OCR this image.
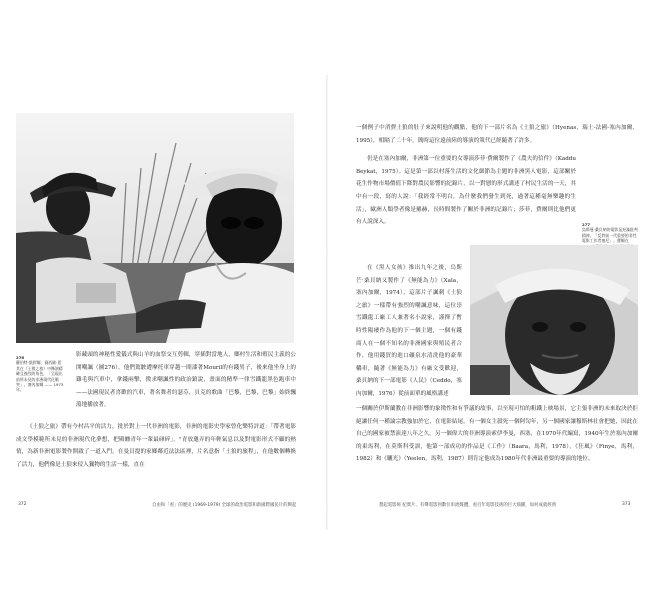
276
羅伯特·凱繆爾，賽西歐·恩其在《土狼之旅》中飾演精確且強烈的角色，「呈現出前所未見的非洲現代化衝突」。塞內加爾 —— 1973年。

影藏頭的神秘性愛儀式與山羊的血祭交互剪輯，穿插對當地人，鄉村生活和殖民主義的公開嘲諷（圖276）。他們駕駛遭摩托車穿越一間漆著Mouril的有錢男子，後來他坐身上的雞毛與汽車中，拿錢兩擊，徵求嘲諷性的政治鎮說，畫面的精準一律雪鐵龍黑色跑車中——法國現民者喜歡的汽車，著名舞者約瑟芬，貝克的歌曲「巴黎，巴黎，巴黎」始終飄蕩地播放著。

《土狼之旅》帶有今村昌平的活力，批於對上一代非洲的電影，非洲的電影史學家曾化樂特評道：「帶著電影成文學模範所未見的非洲現代化夢想，把殿纏青年一輩最碰碎」。"青放邀弄的年輕氣息以及對電影形式不顧的熱情，為新非洲電影製作開啟了一道入門，在曼貝提的家鄉鄰近法法區裡，片名意指「土狼的旅程」，在他數個轉換了活力，他們像是土狼來侵入獵物的生活一樣，直在

372	自由和「看」的歷史 (1969-1979) 全球的政治電影和新國際國民片的興起

一個例子中消費土狼的肚子來說明他的觀點，他的下一部片名為《土狼之旅》（Hyenas，瑞士-法國-塞內加爾，1995），相隔了二十年，簡時這位遠前陸的導演的策代已經隨著了許多。

仍是在塞內加爾，非洲第一位重要的女導演莎菲·費爾製作了《農夫的信件》（Kaddu Beykat，1975）。這是第一部以村落生活的文化細節為主題的非洲黑人電影，這部關於花生作物市場價值下降對農民影響的紀錄片，以一對戀的形式講述了村民生活的一天，其中有一段，寫的人說：「我經常不明白，為什麼我們發生到死，過著這種毫無樂趣的生活」，歐洲人類學者像是羅赫，長時間製作了關於非洲的記錄片；莎菲，費爾則比他們更有人說深入。	277
烏斯曼·桑貝納的電影是充滿批判精神，「反對前一代重要的非性電影工作者塞尼」。費爾在

在《黑人女孩》推出九年之後，烏斯芒·桑貝納又製作了《無能為力》（Xala，塞內加爾，1974），這部片子諷刺《土狼之旅》一樣帶有強烈的嘲諷意味，這位崇雪鐵龍工廠工人兼著名小說家，謹擇了暫時性陽痿作為他的下一個主題，一個有錢商人在一個不知名的非洲國家與殖民者合作，他用錢買的進口礦泉水清洗他的豪華轎車，隨著《無能為力》有廠文受歡迎，桑貝納的下一部電影《人民》（Ceddo，塞內加爾，1976）從前面單的風格講述

一個關於伊斯蘭教在非洲影響的象徵性和有爭議的故事，以至現可怕的粗鐵上映場景，它主張非洲的未來取決於拒絕讓任何一種論宗教強加於它，在電影結尾，有一個女主殺死一個阿訇年，另一個國家讓穆斯林社會把她，因此在自己的國家被禁演達八年之久。另一個偉大的非洲導演索伊李曼，西塞，在1970年代編寫，1940年生於塞內加爾的東馬利，在莫斯科受訓，他第一部成功的作品是《工作》（Baara，馬利，1978），《狂風》（Finye，馬利，1982）和《曬光》（Yeelen，馬利，1987）則肯定他成為1980年代非洲最重要的導演的地位。

想起電影經 紀實片，有聲電影到數位串流媒體，看百年電影技術的巨大飛躍，如何成就經典	373
